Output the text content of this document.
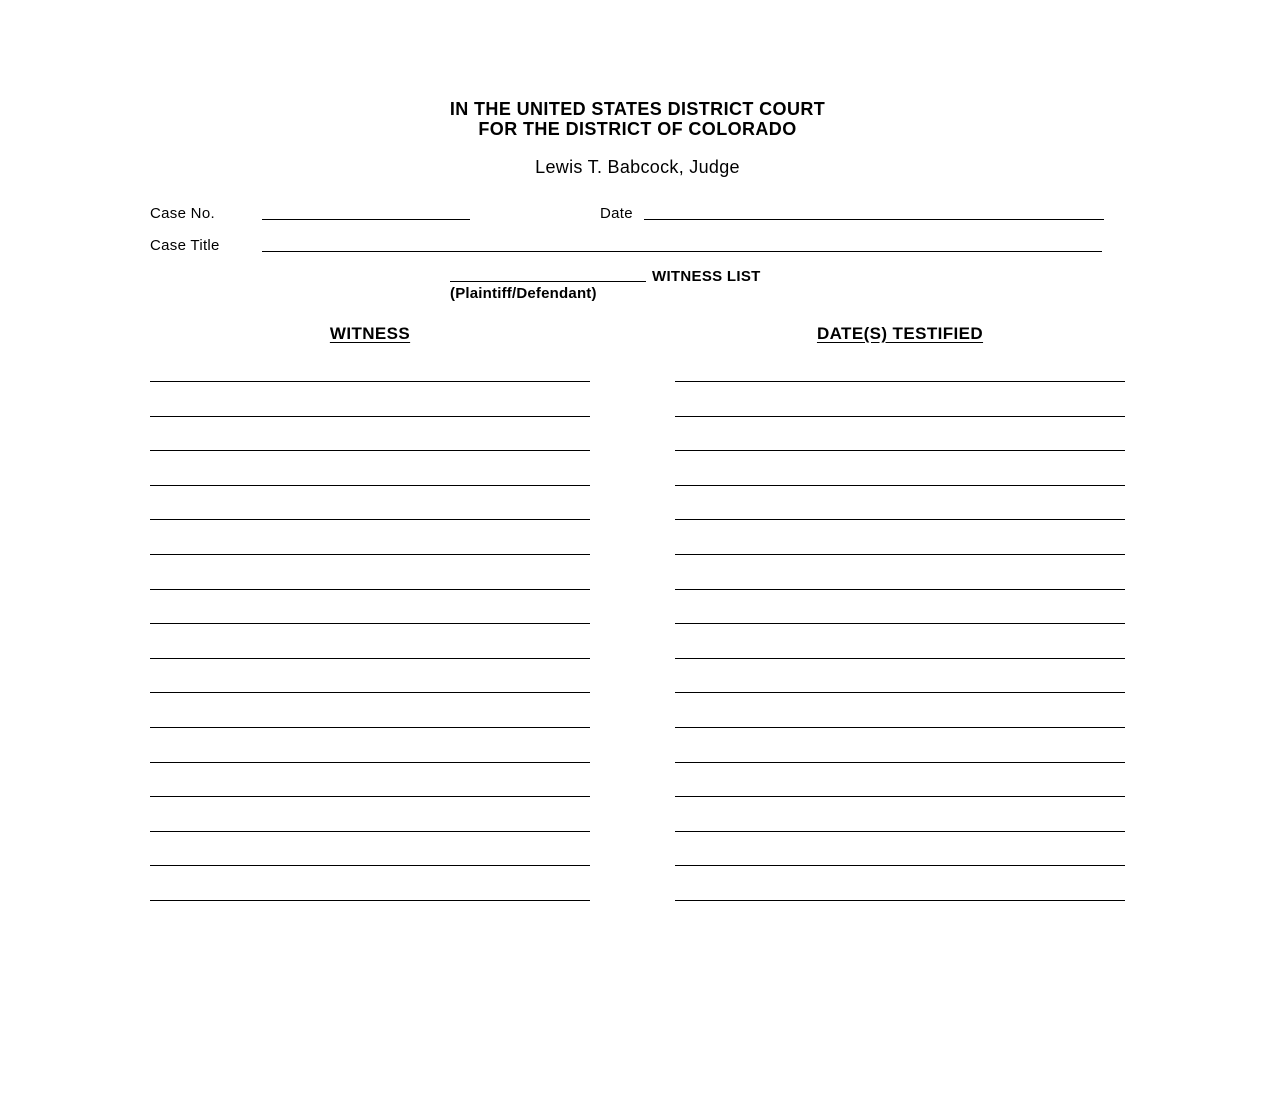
IN THE UNITED STATES DISTRICT COURT
FOR THE DISTRICT OF COLORADO
Lewis T. Babcock, Judge
Case No.	Date
Case Title
WITNESS LIST
(Plaintiff/Defendant)
WITNESS	DATE(S) TESTIFIED
